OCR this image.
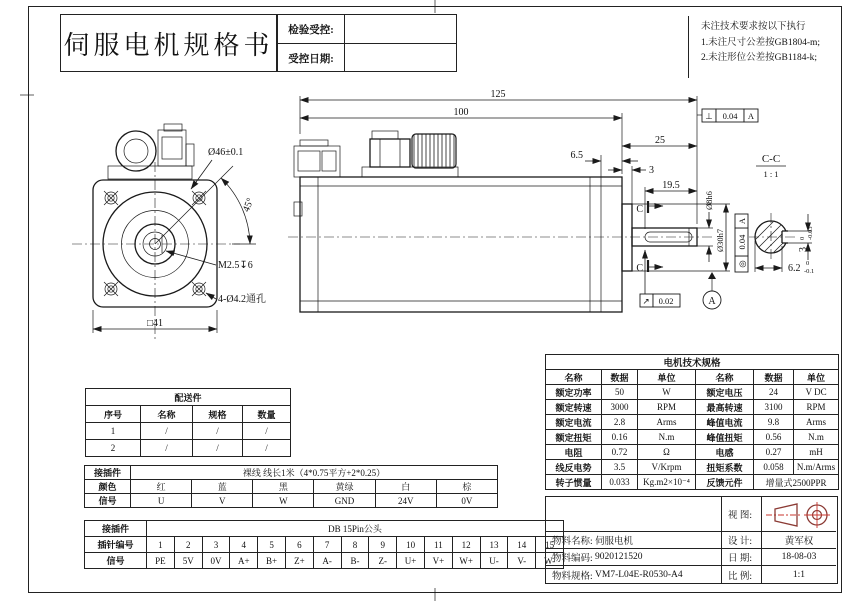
伺服电机规格书
检验受控:
受控日期:
未注技术要求按以下执行
1.未注尺寸公差按GB1804-m;
2.未注形位公差按GB1184-k;
Ø46±0.1
45°
M2.5↧6
4-Ø4.2通孔
□41
C
C
125
100
25
6.5
3
19.5
Ø8h6
Ø30h7
◎
0.04
A
⊥ 0.04 A
↗ 0.02	A
C-C
1 : 1
3
0 -0.03
6.2 0
-0.1
电机技术规格					
名称	数据	单位	名称	数据	单位
额定功率	50	W	额定电压	24	V DC
额定转速	3000	RPM	最高转速	3100	RPM
额定电流	2.8	Arms	峰值电流	9.8	Arms
额定扭矩	0.16	N.m	峰值扭矩	0.56	N.m
电阻	0.72	Ω	电感	0.27	mH
线反电势	3.5	V/Krpm	扭矩系数	0.058	N.m/Arms
转子惯量	0.033	Kg.m2×10⁻⁴	反馈元件	增量式2500PPR	
配送件			
序号	名称	规格	数量
1	/	/	/
2	/	/	/
接插件	裸线 线长1米（4*0.75平方+2*0.25）					
颜色	红	蓝	黑	黄绿	白	棕
信号	U	V	W	GND	24V	0V
接插件	DB 15Pin公头														
插针编号	1	2	3	4	5	6	7	8	9	10	11	12	13	14	15
信号	PE	5V	0V	A+	B+	Z+	A-	B-	Z-	U+	V+	W+	U-	V-	W-
视 图:
物料名称:
伺服电机	设 计:	黄军权
物料编码:
9020121520	日 期:	18-08-03
物料规格:
VM7-L04E-R0530-A4	比 例:	1:1
